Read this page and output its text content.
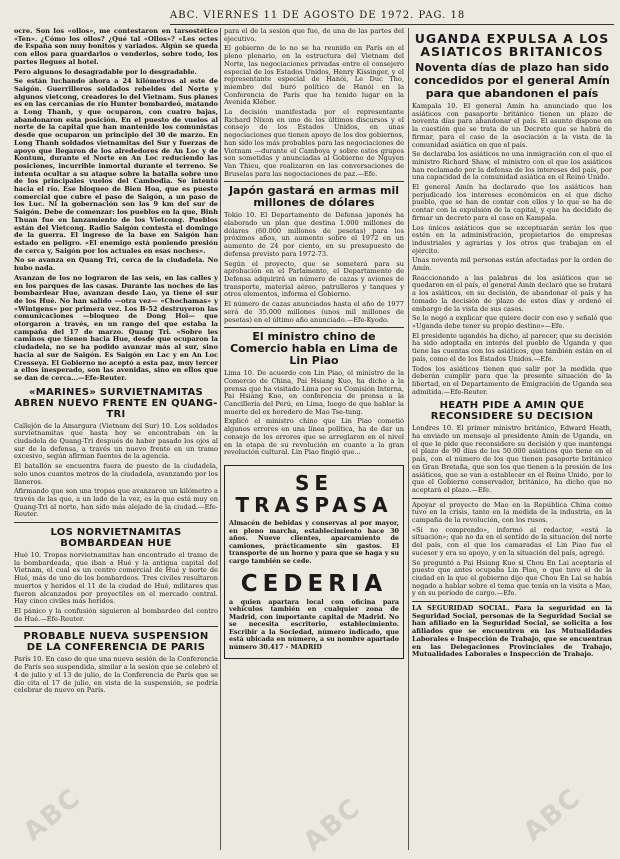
ABC. VIERNES 11 DE AGOSTO DE 1972. PAG. 18

ocre. Son los «ollos», me contestaron en tarsostético «Ten». ¿Cómo los ollos? ¿Qué tal «Ollos»? «Les octes de España son muy bonitos y variados. Algún se queda con ellos para guardarlos o venderlos, sobre todo, los partes llegues al hotel.

Pero algunos lo desagradable por lo desgradable.

Se están luchando ahora a 24 kilómetros al este de Saigón. Guerrilleros soldados rebeldes del Norte y algunos vietcong, creadores lo del Vietnam. Sus planes es en las cercanías de río Hunter bombardeó, matando a Long Thanh, y que ocuparon, con cuatro bajas, abandonaron esta posición. En el puesto de vuelos al norte de la capital que han mantenido los comunistas desde que ocuparon un principio del 30 de marzo. En Long Thanh soldados vietnamitas del Sur y fuerzas de apoyo que llegaron de los alrededores de An Loc y de Kontum, durante el Norte en An Loc reduciendo las posiciones, incurrible inmortal durante el terreno. Se intenta ocultar a su ataque sobre la batalla sobre uno de los principales vuelos del Cambodia. Se intentó hacia el río. Ese bloqueo de Bien Hoa, que es puesto comercial que cubre el paso de Saigón, a un paso de los Luc. Ni la gobernación son las 9 km del sur de Saigón. Debe de comenzar: los pueblos en la que, Binh Thuan fue en lanzamiento de los Vietcong. Pueblos están del Vietcong. Radio Saigón contesta el domingo de la guerra. El ingreso de la base en Saigón han estado en peligro. «El enemigo está poniendo presión de cerca y, Saigón por los actuales en esas noches».

No se avanza en Quang Tri, cerca de la ciudadela. No hubo nada.

Avanzan de los no lograron de las seis, en las calles y en los parques de las casas. Durante las noches de las bombardear Hue, avanzan desde Lao, ya tiene el sur de los Hué. No han salido —otra vez— «Chochamas» y «Wintgens» por primera vez. Los B-52 destruyeron las comunicaciones —bloqueo de Dong Hoi— que otorgaron a través, en un rango del que estaba la campaña del 17 de marzo. Quang Tri. «Sobre les caminos que tienen hacia Hue, desde que ocuparon la ciudadela, no se ha podido avanzar más al sur, sino hacia al sur de Saigón. Es Saigón en Lac y en An Loc Cresseya. El Gobierno no aceptó a esta paz, muy tercer a ellos inesperado, son las avenidas, sino en ellos que se dan de cerca...—Efe-Reuter.

«MARINES» SURVIETNAMITAS ABREN NUEVO FRENTE EN QUANG-TRI

Callejón de la Amargura (Vietnam del Sur) 10. Los soldados survietnamitas que hasta hoy se encontraban en la ciudadela de Quang-Tri después de haber pasado los ojos al sur de la defensa, a través un nuevo frente en un tramo excesivo, según afirman fuentes de la agencia.

El batallón se encuentra fuera de puesto de la ciudadela, solo unos cuantos metros de la ciudadela, avanzando por los llaneros.

Afirmando que son una tropas que avanzaron un kilómetro a través de las que, a un lado de la vez, es la que está muy en Quang-Tri al norte, han sido más alejado de la ciudad.—Efe-Reuter.

LOS NORVIETNAMITAS BOMBARDEAN HUE

Hué 10. Tropas norvietnamitas han encontrado el tramo de la bombardeada, que iban a Hué y la antigua capital del Vietnam, el cual es un centro comercial de Hué y norte de Hué, más de uno de los bombardeos. Tres civiles resultaron muertos y heridos el 11 de la ciudad de Hué, militares que fueron alcanzados por proyectiles en el mercado central. Hay cinco civiles más heridos.

El pánico y la confusión siguieron al bombardeo del centro de Hué.—Efe-Reuter.

PROBABLE NUEVA SUSPENSION DE LA CONFERENCIA DE PARIS

París 10. En caso de que una nueva sesión de la Conferencia de París sea suspendida, similar a la sesión que se celebró el 4 de julio y el 13 de julio, de la Conferencia de París que se dio cita el 17 de julio, en vista de la suspensión, se podría celebrar de nuevo en París.

para el de la sesión que fue, de una de las partes del ejecutivo.

El gobierno de lo no se ha reunido en París en el pleno plenario, en la estructura del Vietnam del Norte, las negociaciones privadas entre el consejero especial de los Estados Unidos, Henry Kissinger, y el representante especial de Hanói, Le Duc Tho, miembro del buró político de Hanói en la Conferencia de París que ha tenido lugar en la Avenida Kléber.

La decisión manifestada por el representante Richard Nixon en uno de los últimos discursos y el consejo de los Estados Unidos, en unas negociaciones que tienen apoyo de los dos gobiernos, han sido los más probables para las negociaciones de Vietnam —durante el Camboya y sobre estos grupos son sometidas y anunciadas al Gobierno de Nguyen Van Thieu, que realizaron en las conversaciones de Bruselas para las negociaciones de paz.—Efe.

Japón gastará en armas mil millones de dólares

Tokio 10. El Departamento de Defensa japonés ha elaborado un plan que destina 1.000 millones de dólares (60.000 millones de pesetas) para los próximos años, un aumento sobre el 1972 en un aumento de 24 por ciento, en su presupuesto de defensa previsto para 1972-73.

Según el proyecto, que se someterá para su aprobación en el Parlamento, el Departamento de Defensa adquirirá un número de cazas y aviones de transporte, material aéreo, patrulleros y tanques y otros elementos, informa el Gobierno.

El número de cazas anunciados hasta el año de 1977 será de 35.000 millones (unos mil millones de pesetas) en el último año anunciado.—Efe-Kyodo.

El ministro chino de Comercio habla en Lima de Lin Piao

Lima 10. De acuerdo con Lin Piao, el ministro de la Comercio de China, Pai Hsiang Kuo, ha dicho a la prensa que ha visitado Lima por su Comisión Interna, Pai Hsiang Kuo, en conferencia de prensa a la Cancillería del Perú, en Lima, luego de que hablar la muerte del ex heredero de Mao Tse-tung.

Explicó el ministro chino que Lin Piao cometió algunos errores en una línea política, ha de dar un consejo de los errores que se arreglaron en el nivel en la etapa de su revolución en cuanto a la gran revolución cultural. Lin Piao fingió que...

SE TRASPASA

Almacén de bebidas y conservas al por mayor, en pleno marcha, establecimiento hace 30 años. Nueve clientes, aparcamiento de camiones, prácticamente sin gastos. El transporte de un horno y para que se haga y su cargo también se cede.

CEDERIA

a quien apartara local con oficina para vehículos también en cualquier zona de Madrid, con importante capital de Madrid. No se necesita escritorio, establecimiento. Escribir a la Sociedad, número indicado, que está ubicada en número, a su nombre apartado número 30.417 - MADRID

UGANDA EXPULSA A LOS ASIATICOS BRITANICOS
Noventa días de plazo han sido concedidos por el general Amín para que abandonen el país

Kampala 10. El general Amín ha anunciado que los asiáticos con pasaporte británico tienen un plazo de noventa días para abandonar el país. El asunto dispone en la cuestión que se trata de un Decreto que se habrá de firmar, para el caso de la asociación a la vista de la comunidad asiática en que el país.

Se declaraba los asiáticos no una inmigración con el que el ministro Richard Shaw, el ministro con el que los asiáticos han reclamado por la defensa de los intereses del país, por una capacidad de la comunidad asiática en el Reino Unido.

El general Amín ha declarado que los asiáticos han perjudicado los intereses económicos en el que dicho pueblo, que se han de contar con ellos y lo que se ha de contar con la expulsión de la capital, y que ha decidido de firmar un decreto para el caso en Kampala.

Los únicos asiáticos que se exceptuarán serán los que estén en la administración, propietarios de empresas industriales y agrarias y los otros que trabajan en el ejército.

Unas noventa mil personas están afectadas por la orden de Amín.

Reaccionando a las palabras de los asiáticos que se quedaron en el país, el general Amín declaró que se tratará a los asiáticos, en su decisión, de abandonar el país y ha tomado la decisión de plazo de estos días y ordenó el embargo de la vista de sus casos.

Se le negó a explicar que quiere decir con eso y señaló que «Uganda debe tener su propio destino»—Efe.

El presidente ugandés ha dicho, al parecer, que su decisión ha sido adoptada en interés del pueblo de Uganda y que tiene las cuentas con los asiáticos, que también están en el país, como el de los Estados Unidos.—Efe.

Todos los asiáticos tienen que salir por la medida que deberán cumplir para que la presente situación de la libertad, en el Departamento de Emigración de Uganda sea admitida.—Efe-Reuter.

HEATH PIDE A AMIN QUE RECONSIDERE SU DECISION

Londres 10. El primer ministro británico, Edward Heath, ha enviado un mensaje al presidente Amín de Uganda, en el que le pide que reconsidere su decisión y que mantenga el plazo de 90 días de los 50.000 asiáticos que tiene en el país, con el número de los que tienen pasaporte británico en Gran Bretaña, que son los que tienen a la presión de los asiáticos, que se van a establecer en el Reino Unido, por lo que el Gobierno conservador, británico, ha dicho que no aceptará el plazo.—Efe.

Apoyar el proyecto de Mao en la República China como tuvo en la crisis, tanto en la medida de la industria, en la campaña de la revolución, con los rusos.

«Si no comprendo», informó al redactor, «está la situación»; que no da en el sentido de la situación del norte del país, con el que los camaradas el Lin Piao fue el sucesor y era su apoyo, y en la situación del país, agregó.

Se preguntó a Pai Hsiang Kuo si Chou En Lai aceptaría el puesto que antes ocupaba Lin Piao, o que tuvo el de la ciudad en la que el gobierno dijo que Chou En Lai se había negado a hablar sobre el tema que tenía en la visita a Mao, y en su período de cargo.—Efe.

LA SEGURIDAD SOCIAL. Para la seguridad en la Seguridad Social, personas de la Seguridad Social se han afiliado en la Seguridad Social, se solicita a los afiliados que se encuentren en las Mutualidades Laborales e Inspección de Trabajo, que se encuentran en las Delegaciones Provinciales de Trabajo, Mutualidades Laborales e Inspección de Trabajo.

ABC	ABC	ABC
